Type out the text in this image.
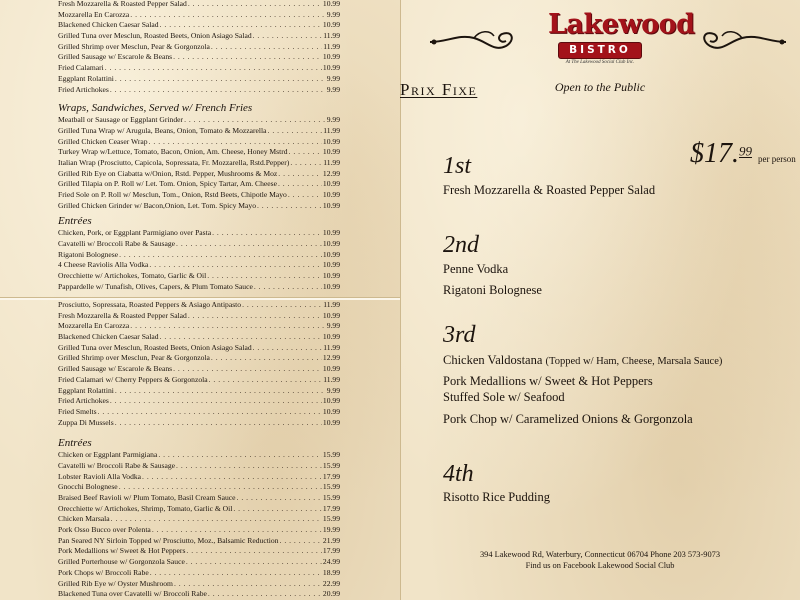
Fresh Mozzarella & Roasted Pepper Salad . . .	10.99
Mozzarella En Carozza . . .	9.99
Blackened Chicken Caesar Salad . . .	10.99
Grilled Tuna over Mesclun, Roasted Beets, Onion Asiago Salad . . .	11.99
Grilled Shrimp over Mesclun, Pear & Gorgonzola . . .	11.99
Grilled Sausage w/ Escarole & Beans . . .	10.99
Fried Calamari . . .	10.99
Eggplant Rolattini . . .	9.99
Fried Artichokes . . .	9.99
Wraps, Sandwiches, Served w/ French Fries
Meatball or Sausage or Eggplant Grinder . . .	9.99
Grilled Tuna Wrap w/ Arugula, Beans, Onion, Tomato & Mozzarella . . .	11.99
Grilled Chicken Ceaser Wrap . . .	10.99
Turkey Wrap w/Lettuce, Tomato, Bacon, Onion, Am. Cheese, Honey Mstrd . . .	10.99
Italian Wrap (Prosciutto, Capicola, Sopressata, Fr. Mozzarella, Rstd.Pepper) . . .	11.99
Grilled Rib Eye on Ciabatta w/Onion, Rstd. Pepper, Mushrooms & Moz . . .	12.99
Grilled Tilapia on P. Roll w/ Let. Tom. Onion, Spicy Tartar, Am. Cheese . . .	10.99
Fried Sole on P. Roll w/ Mesclun, Tom., Onion, Rstd Beets, Chipotle Mayo . . .	10.99
Grilled Chicken Grinder w/ Bacon,Onion, Let. Tom. Spicy Mayo . . .	10.99
Entrées
Chicken, Pork, or Eggplant Parmigiano over Pasta . . .	10.99
Cavatelli w/ Broccoli Rabe & Sausage . . .	10.99
Rigatoni Bolognese . . .	10.99
4 Cheese Raviolis Alla Vodka . . .	10.99
Orecchiette w/ Artichokes, Tomato, Garlic & Oil . . .	10.99
Pappardelle w/ Tunafish, Olives, Capers, & Plum Tomato Sauce . . .	10.99
Prosciutto, Sopressata, Roasted Peppers & Asiago Antipasto . . .	11.99
Fresh Mozzarella & Roasted Pepper Salad . . .	10.99
Mozzarella En Carozza . . .	9.99
Blackened Chicken Caesar Salad . . .	10.99
Grilled Tuna over Mesclun, Roasted Beets, Onion Asiago Salad . . .	11.99
Grilled Shrimp over Mesclun, Pear & Gorgonzola . . .	12.99
Grilled Sausage w/ Escarole & Beans . . .	10.99
Fried Calamari w/ Cherry Peppers & Gorgonzola . . .	11.99
Eggplant Rolattini . . .	9.99
Fried Artichokes . . .	10.99
Fried Smelts . . .	10.99
Zuppa Di Mussels . . .	10.99
Entrées
Chicken or Eggplant Parmigiana . . .	15.99
Cavatelli w/ Broccoli Rabe & Sausage . . .	15.99
Lobster Ravioli Alla Vodka . . .	17.99
Gnocchi Bolognese . . .	15.99
Braised Beef Ravioli w/ Plum Tomato, Basil Cream Sauce . . .	15.99
Orecchiette w/ Artichokes, Shrimp, Tomato, Garlic & Oil . . .	17.99
Chicken Marsala . . .	15.99
Pork Osso Bucco over Polenta . . .	19.99
Pan Seared NY Sirloin Topped w/ Prosciutto, Moz., Balsamic Reduction . . .	21.99
Pork Medallions w/ Sweet & Hot Peppers . . .	17.99
Grilled Porterhouse w/ Gorgonzola Sauce . . .	24.99
Pork Chops w/ Broccoli Rabe . . .	18.99
Grilled Rib Eye w/ Oyster Mushroom . . .	22.99
Blackened Tuna over Cavatelli w/ Broccoli Rabe . . .	20.99
Lakewood
BISTRO
At The Lakewood Social Club Inc.
Open to the Public
Prix Fixe
$17.99 per person
1st
Fresh Mozzarella & Roasted Pepper Salad
2nd
Penne Vodka
Rigatoni Bolognese
3rd
Chicken Valdostana (Topped w/ Ham, Cheese, Marsala Sauce)
Pork Medallions w/ Sweet & Hot Peppers
Stuffed Sole w/ Seafood
Pork Chop w/ Caramelized Onions & Gorgonzola
4th
Risotto Rice Pudding
394 Lakewood Rd, Waterbury, Connecticut 06704 Phone 203 573-9073
Find us on Facebook Lakewood Social Club
